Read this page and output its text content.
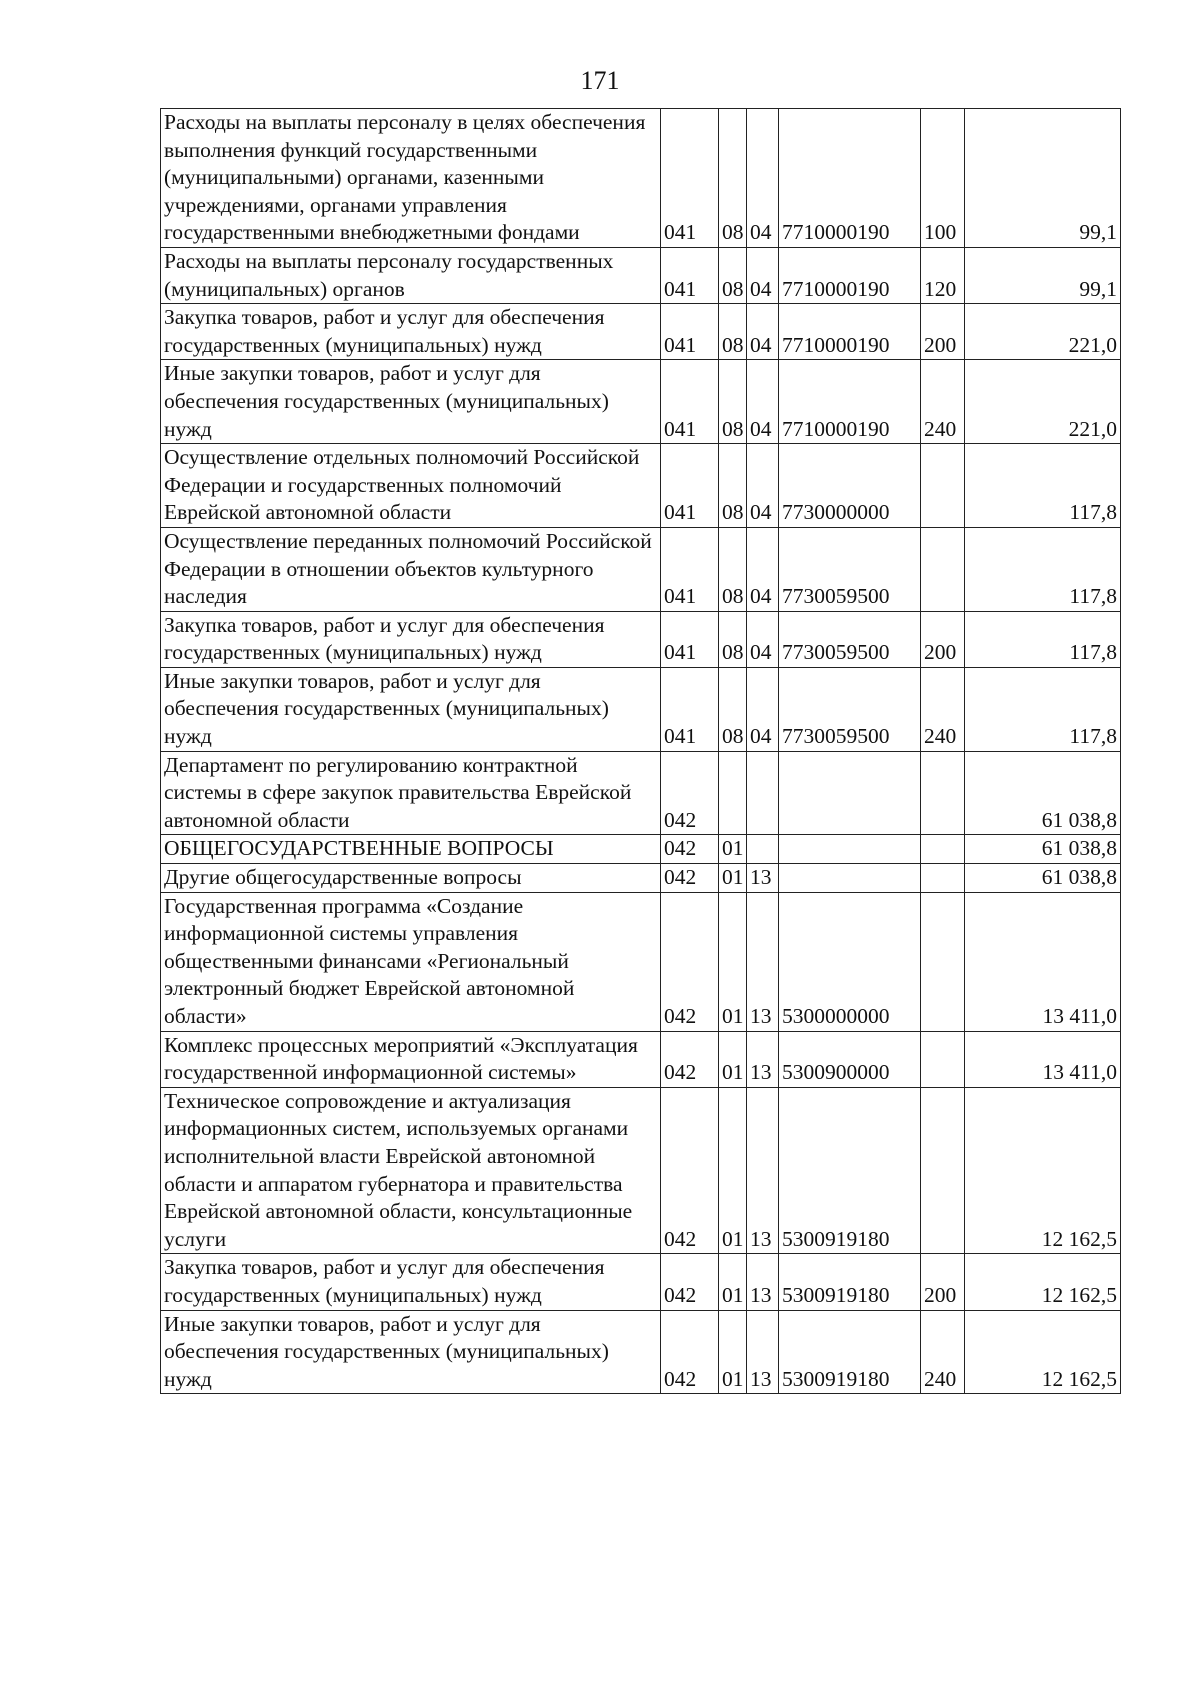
171
Расходы на выплаты персоналу в целях обеспечения выполнения функций государственными (муниципальными) органами, казенными учреждениями, органами управления государственными внебюджетными фондами	041	08	04	7710000190	100	99,1
Расходы на выплаты персоналу государственных (муниципальных) органов	041	08	04	7710000190	120	99,1
Закупка товаров, работ и услуг для обеспечения государственных (муниципальных) нужд	041	08	04	7710000190	200	221,0
Иные закупки товаров, работ и услуг для обеспечения государственных (муниципальных) нужд	041	08	04	7710000190	240	221,0
Осуществление отдельных полномочий Российской Федерации и государственных полномочий Еврейской автономной области	041	08	04	7730000000		117,8
Осуществление переданных полномочий Российской Федерации в отношении объектов культурного наследия	041	08	04	7730059500		117,8
Закупка товаров, работ и услуг для обеспечения государственных (муниципальных) нужд	041	08	04	7730059500	200	117,8
Иные закупки товаров, работ и услуг для обеспечения государственных (муниципальных) нужд	041	08	04	7730059500	240	117,8
Департамент по регулированию контрактной системы в сфере закупок правительства Еврейской автономной области	042					61 038,8
ОБЩЕГОСУДАРСТВЕННЫЕ ВОПРОСЫ	042	01				61 038,8
Другие общегосударственные вопросы	042	01	13			61 038,8
Государственная программа «Создание информационной системы управления общественными финансами «Региональный электронный бюджет Еврейской автономной области»	042	01	13	5300000000		13 411,0
Комплекс процессных мероприятий «Эксплуатация государственной информационной системы»	042	01	13	5300900000		13 411,0
Техническое сопровождение и актуализация информационных систем, используемых органами исполнительной власти Еврейской автономной области и аппаратом губернатора и правительства Еврейской автономной области, консультационные услуги	042	01	13	5300919180		12 162,5
Закупка товаров, работ и услуг для обеспечения государственных (муниципальных) нужд	042	01	13	5300919180	200	12 162,5
Иные закупки товаров, работ и услуг для обеспечения государственных (муниципальных) нужд	042	01	13	5300919180	240	12 162,5
